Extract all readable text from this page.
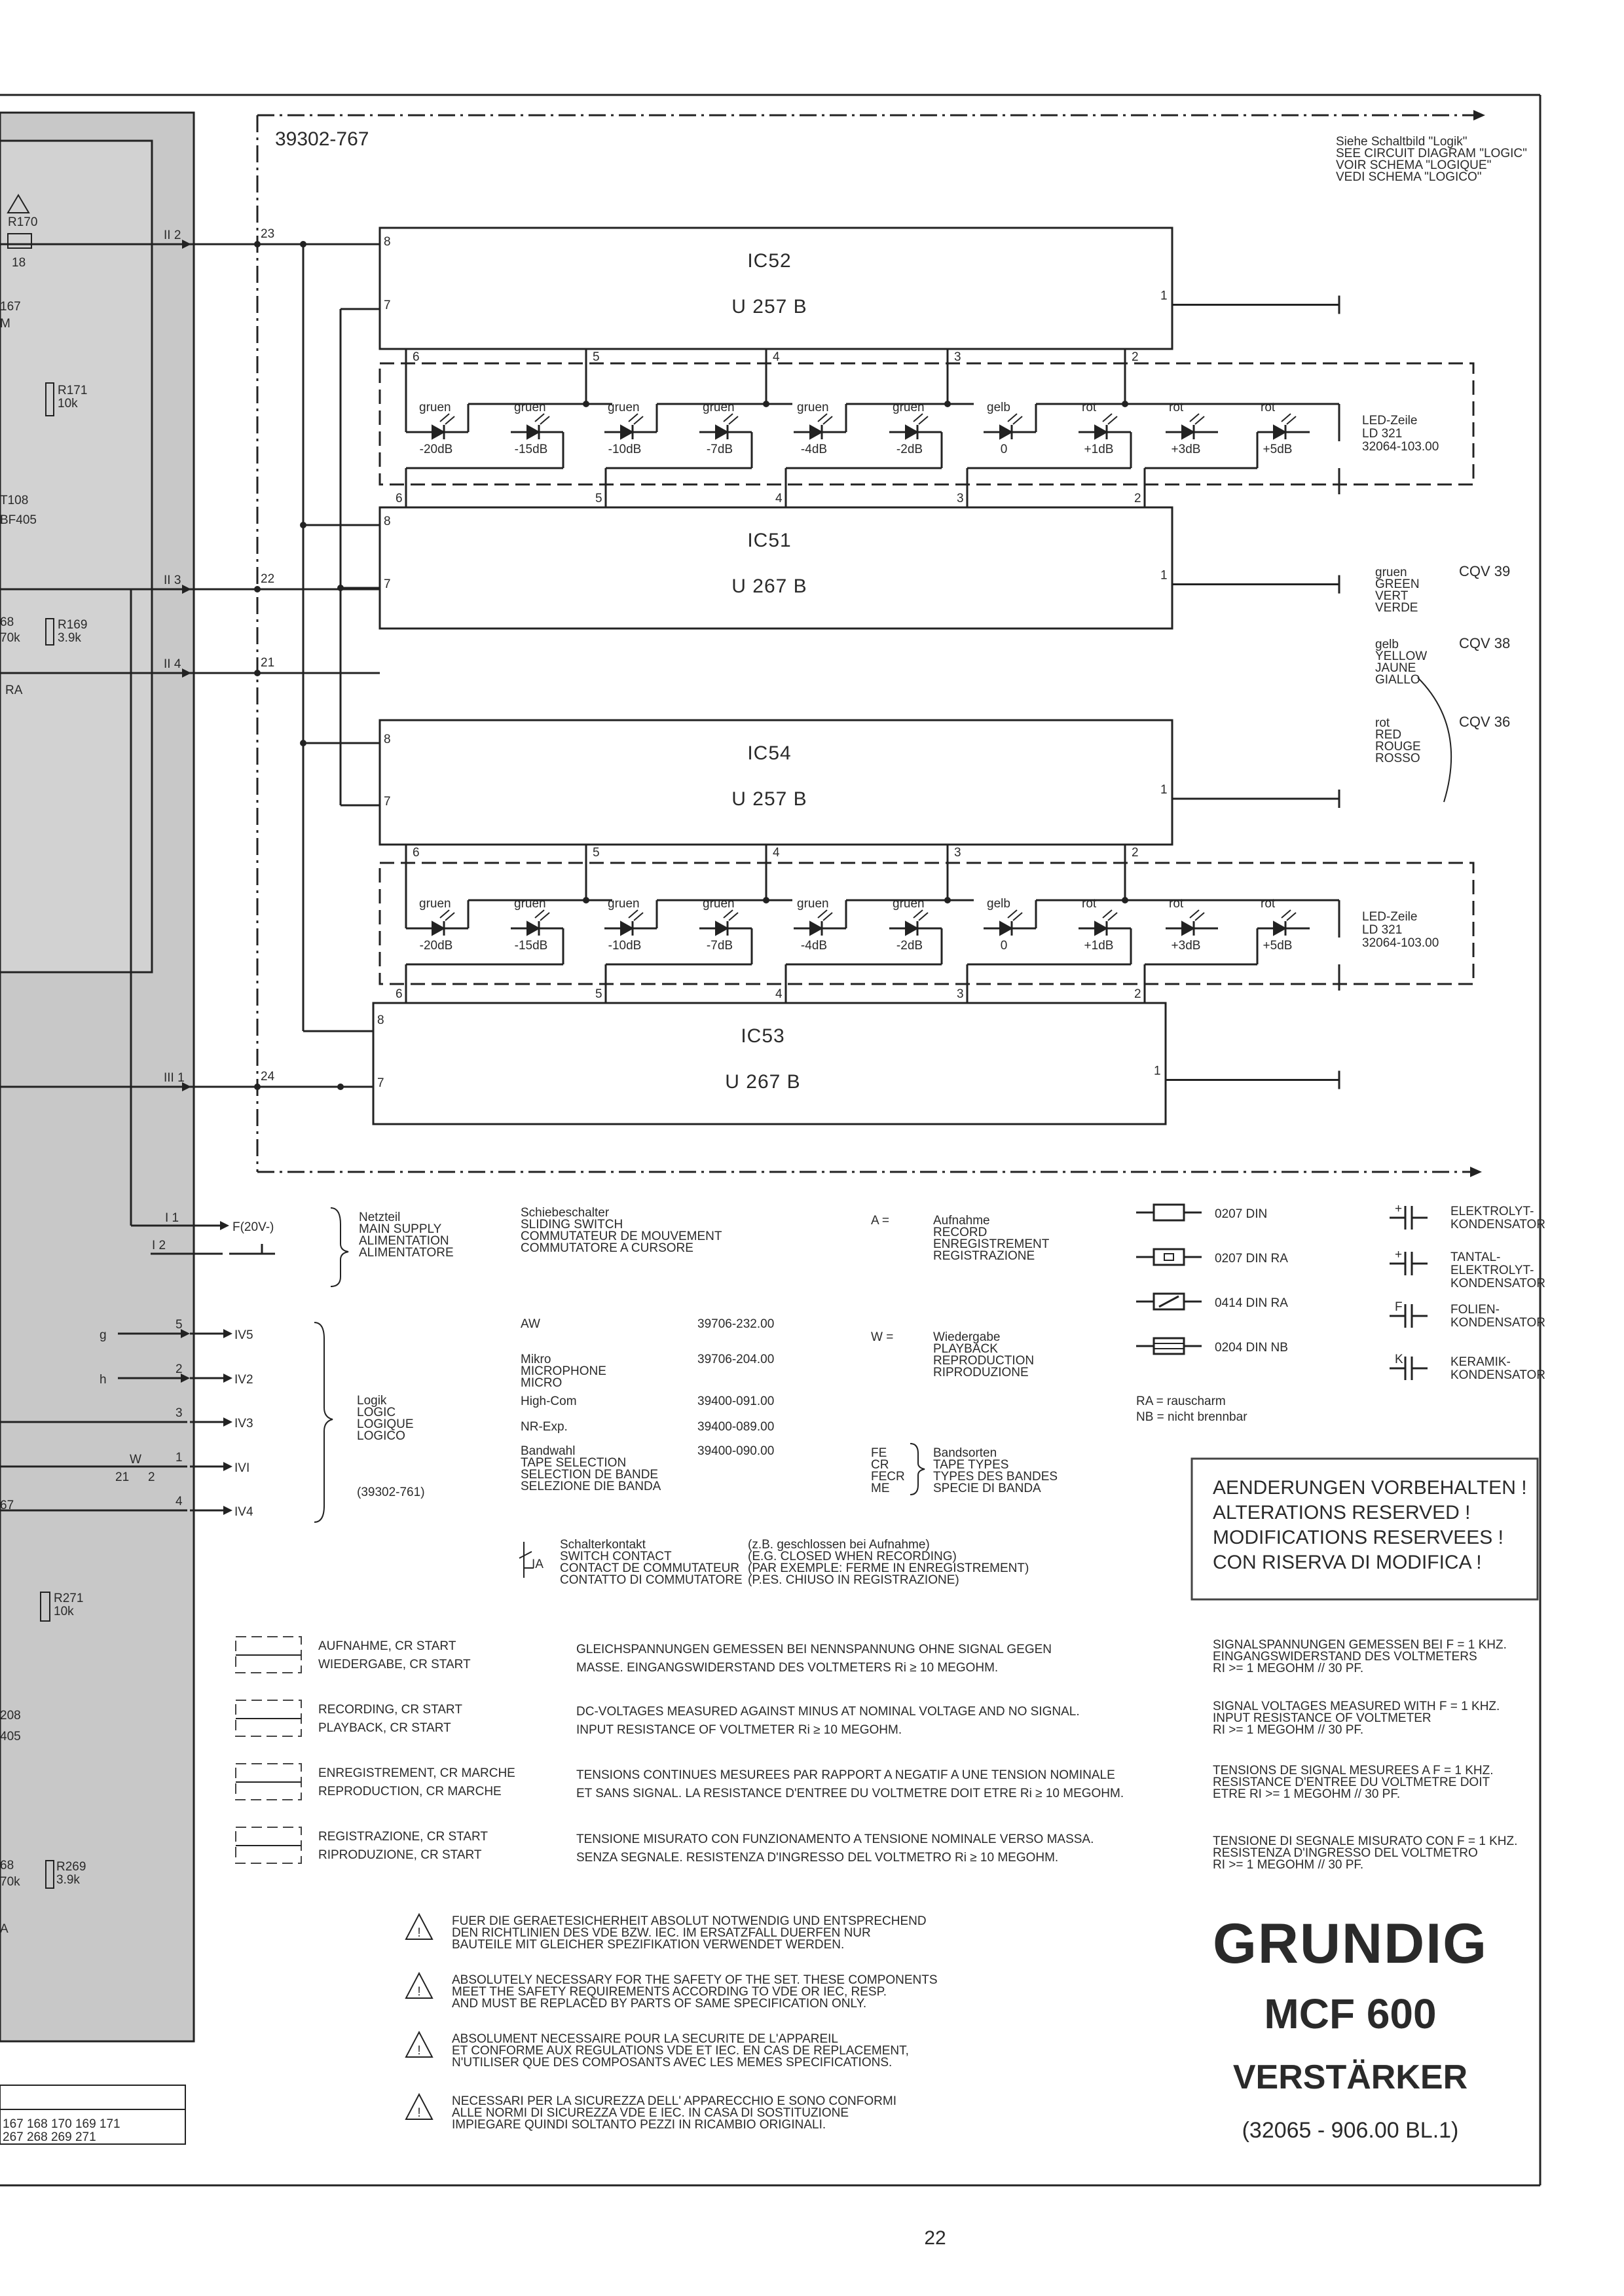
39302-767	Siehe Schaltbild "Logik"
SEE CIRCUIT DIAGRAM "LOGIC"
VOIR SCHEMA "LOGIQUE"
VEDI SCHEMA "LOGICO"
R170
18
167
M
R171
10k
T108
BF405
68
70k
R169
3.9k
RA
67
R271
10k
208
405
68
70k
R269
3.9k
A
167 168 170 169 171
267 268 269 271
IC52
U 257 B	1
IC51
U 267 B	1
IC54
U 257 B	1
IC53
U 267 B	1
8
7
8
7
8
7
8
7
gruen
-20dB
gruen
-15dB
gruen
-10dB
gruen
-7dB
gruen
-4dB
gruen
-2dB
gelb
0
rot
+1dB
rot
+3dB
rot
+5dB
6	5	4	3	2
6	5	4	3	2
LED-Zeile
LD 321
32064-103.00
gruen
-20dB
gruen
-15dB
gruen
-10dB
gruen
-7dB
gruen
-4dB
gruen
-2dB
gelb
0
rot
+1dB
rot
+3dB
rot
+5dB
6	5	4	3	2
6	5	4	3	2
LED-Zeile
LD 321
32064-103.00
II 2	23
II 3	22
II 4	21
III 1	24
I 1
F(20V-)
I 2
Netzteil
MAIN SUPPLY
ALIMENTATION
ALIMENTATORE
5
IV5
g
2
IV2
h
3
IV3
1
IVI
4
IV4
W
21 2
Logik
LOGIC
LOGIQUE
LOGICO
(39302-761)
Schiebeschalter
SLIDING SWITCH
COMMUTATEUR DE MOUVEMENT
COMMUTATORE A CURSORE
AW	39706-232.00
Mikro
MICROPHONE
MICRO
39706-204.00
High-Com	39400-091.00
NR-Exp.	39400-089.00
Bandwahl
TAPE SELECTION
SELECTION DE BANDE
SELEZIONE DIE BANDA
39400-090.00
A =	Aufnahme
RECORD
ENREGISTREMENT
REGISTRAZIONE
W =	Wiedergabe
PLAYBACK
REPRODUCTION
RIPRODUZIONE
FE
CR
FECR
ME
Bandsorten
TAPE TYPES
TYPES DES BANDES
SPECIE DI BANDA
IA
Schalterkontakt
SWITCH CONTACT
CONTACT DE COMMUTATEUR
CONTATTO DI COMMUTATORE
(z.B. geschlossen bei Aufnahme)
(E.G. CLOSED WHEN RECORDING)
(PAR EXEMPLE: FERME IN ENREGISTREMENT)
(P.ES. CHIUSO IN REGISTRAZIONE)
0207 DIN
0207 DIN RA
0414 DIN RA
0204 DIN NB
RA = rauscharm
NB = nicht brennbar
+	ELEKTROLYT-
KONDENSATOR
+	TANTAL-
ELEKTROLYT-
KONDENSATOR
F	FOLIEN-
KONDENSATOR
K	KERAMIK-
KONDENSATOR
AENDERUNGEN VORBEHALTEN !
ALTERATIONS RESERVED !
MODIFICATIONS RESERVEES !
CON RISERVA DI MODIFICA !
gruen
GREEN
VERT
VERDE
CQV 39
gelb
YELLOW
JAUNE
GIALLO
CQV 38
rot
RED
ROUGE
ROSSO
CQV 36
AUFNAHME, CR START
WIEDERGABE, CR START
RECORDING, CR START
PLAYBACK, CR START
ENREGISTREMENT, CR MARCHE
REPRODUCTION, CR MARCHE
REGISTRAZIONE, CR START
RIPRODUZIONE, CR START
GLEICHSPANNUNGEN GEMESSEN BEI NENNSPANNUNG OHNE SIGNAL GEGEN
MASSE. EINGANGSWIDERSTAND DES VOLTMETERS Ri ≥ 10 MEGOHM.
DC-VOLTAGES MEASURED AGAINST MINUS AT NOMINAL VOLTAGE AND NO SIGNAL.
INPUT RESISTANCE OF VOLTMETER Ri ≥ 10 MEGOHM.
TENSIONS CONTINUES MESUREES PAR RAPPORT A NEGATIF A UNE TENSION NOMINALE
ET SANS SIGNAL. LA RESISTANCE D'ENTREE DU VOLTMETRE DOIT ETRE Ri ≥ 10 MEGOHM.
TENSIONE MISURATO CON FUNZIONAMENTO A TENSIONE NOMINALE VERSO MASSA.
SENZA SEGNALE. RESISTENZA D'INGRESSO DEL VOLTMETRO Ri ≥ 10 MEGOHM.
SIGNALSPANNUNGEN GEMESSEN BEI F = 1 KHZ.
EINGANGSWIDERSTAND DES VOLTMETERS
RI >= 1 MEGOHM // 30 PF.
SIGNAL VOLTAGES MEASURED WITH F = 1 KHZ.
INPUT RESISTANCE OF VOLTMETER
RI >= 1 MEGOHM // 30 PF.
TENSIONS DE SIGNAL MESUREES A F = 1 KHZ.
RESISTANCE D'ENTREE DU VOLTMETRE DOIT
ETRE RI >= 1 MEGOHM // 30 PF.
TENSIONE DI SEGNALE MISURATO CON F = 1 KHZ.
RESISTENZA D'INGRESSO DEL VOLTMETRO
RI >= 1 MEGOHM // 30 PF.
!
FUER DIE GERAETESICHERHEIT ABSOLUT NOTWENDIG UND ENTSPRECHEND
DEN RICHTLINIEN DES VDE BZW. IEC. IM ERSATZFALL DUERFEN NUR
BAUTEILE MIT GLEICHER SPEZIFIKATION VERWENDET WERDEN.
!
ABSOLUTELY NECESSARY FOR THE SAFETY OF THE SET. THESE COMPONENTS
MEET THE SAFETY REQUIREMENTS ACCORDING TO VDE OR IEC, RESP.
AND MUST BE REPLACED BY PARTS OF SAME SPECIFICATION ONLY.
!
ABSOLUMENT NECESSAIRE POUR LA SECURITE DE L'APPAREIL
ET CONFORME AUX REGULATIONS VDE ET IEC. EN CAS DE REPLACEMENT,
N'UTILISER QUE DES COMPOSANTS AVEC LES MEMES SPECIFICATIONS.
!
NECESSARI PER LA SICUREZZA DELL' APPARECCHIO E SONO CONFORMI
ALLE NORMI DI SICUREZZA VDE E IEC. IN CASA DI SOSTITUZIONE
IMPIEGARE QUINDI SOLTANTO PEZZI IN RICAMBIO ORIGINALI.
GRUNDIG
MCF 600
VERSTÄRKER
(32065 - 906.00 BL.1)
22
